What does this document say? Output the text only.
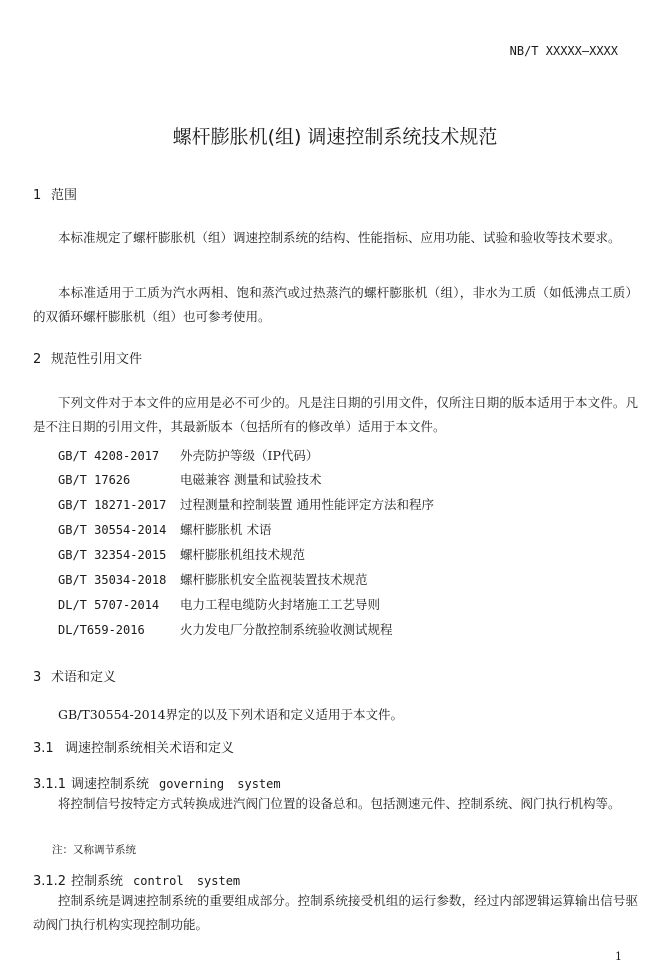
NB/T XXXXX—XXXX
螺杆膨胀机(组) 调速控制系统技术规范
1 范围
本标准规定了螺杆膨胀机（组）调速控制系统的结构、性能指标、应用功能、试验和验收等技术要求。
本标准适用于工质为汽水两相、饱和蒸汽或过热蒸汽的螺杆膨胀机（组），非水为工质（如低沸点工质）的双循环螺杆膨胀机（组）也可参考使用。
2 规范性引用文件
下列文件对于本文件的应用是必不可少的。凡是注日期的引用文件，仅所注日期的版本适用于本文件。凡是不注日期的引用文件，其最新版本（包括所有的修改单）适用于本文件。
GB/T 4208-2017 外壳防护等级（IP代码）
GB/T 17626	电磁兼容 测量和试验技术
GB/T 18271-2017 过程测量和控制装置 通用性能评定方法和程序
GB/T 30554-2014 螺杆膨胀机 术语
GB/T 32354-2015 螺杆膨胀机组技术规范
GB/T 35034-2018 螺杆膨胀机安全监视装置技术规范
DL/T 5707-2014 电力工程电缆防火封堵施工工艺导则
DL/T659-2016	火力发电厂分散控制系统验收测试规程
3 术语和定义
GB/T30554-2014界定的以及下列术语和定义适用于本文件。
3.1 调速控制系统相关术语和定义
3.1.1 调速控制系统 governing system
将控制信号按特定方式转换成进汽阀门位置的设备总和。包括测速元件、控制系统、阀门执行机构等。
注：又称调节系统
3.1.2 控制系统 control system
控制系统是调速控制系统的重要组成部分。控制系统接受机组的运行参数，经过内部逻辑运算输出信号驱动阀门执行机构实现控制功能。
1
